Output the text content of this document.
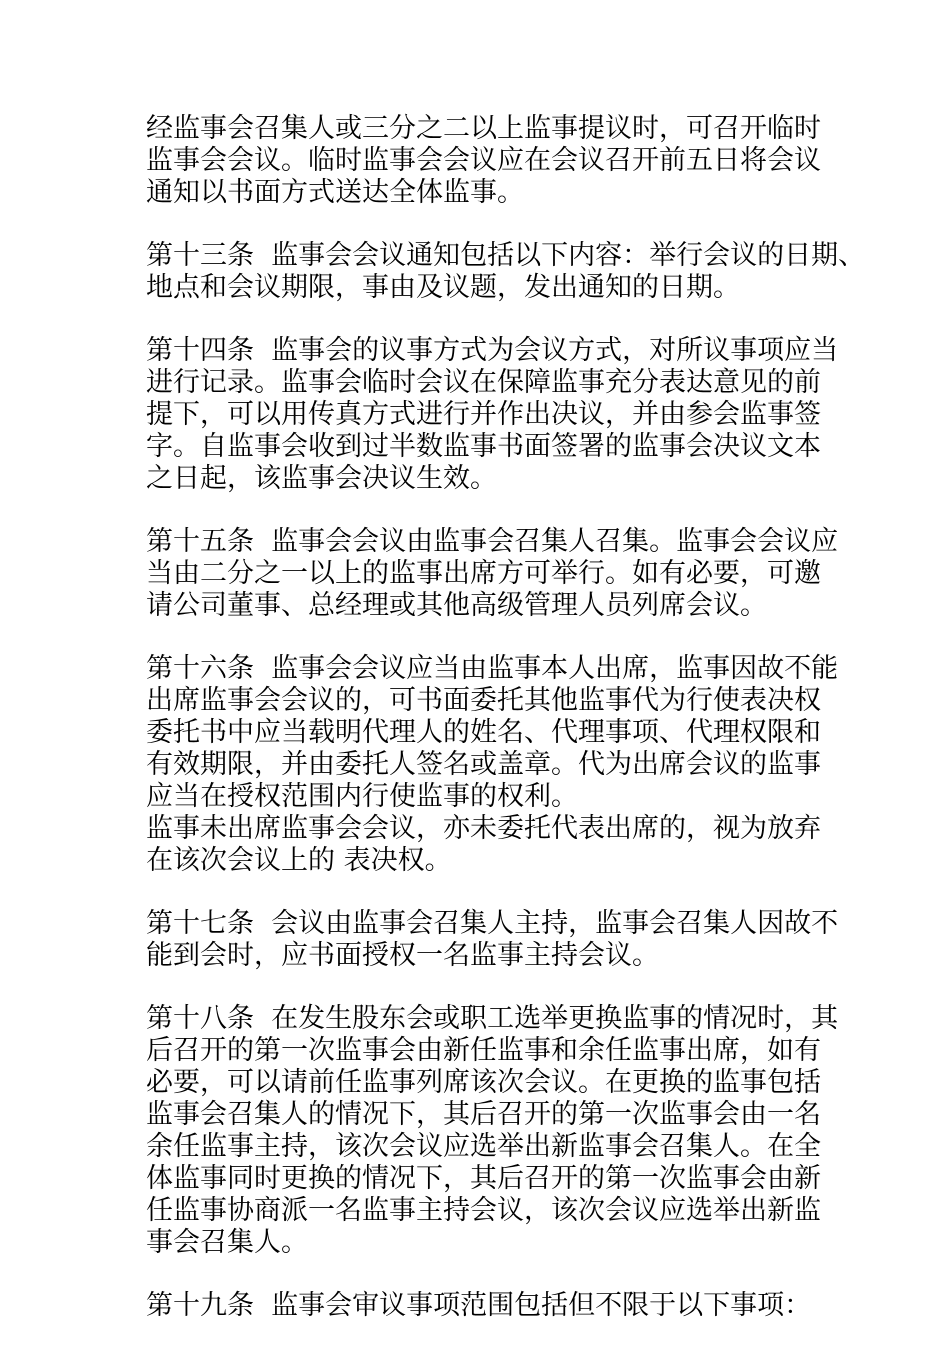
经监事会召集人或三分之二以上监事提议时，可召开临时
监事会会议。临时监事会会议应在会议召开前五日将会议
通知以书面方式送达全体监事。

第十三条  监事会会议通知包括以下内容：举行会议的日期、
地点和会议期限，事由及议题，发出通知的日期。

第十四条  监事会的议事方式为会议方式，对所议事项应当
进行记录。监事会临时会议在保障监事充分表达意见的前
提下，可以用传真方式进行并作出决议，并由参会监事签
字。自监事会收到过半数监事书面签署的监事会决议文本
之日起，该监事会决议生效。

第十五条  监事会会议由监事会召集人召集。监事会会议应
当由二分之一以上的监事出席方可举行。如有必要，可邀
请公司董事、总经理或其他高级管理人员列席会议。

第十六条  监事会会议应当由监事本人出席，监事因故不能
出席监事会会议的，可书面委托其他监事代为行使表决权
委托书中应当载明代理人的姓名、代理事项、代理权限和
有效期限，并由委托人签名或盖章。代为出席会议的监事
应当在授权范围内行使监事的权利。
监事未出席监事会会议，亦未委托代表出席的，视为放弃
在该次会议上的 表决权。

第十七条  会议由监事会召集人主持，监事会召集人因故不
能到会时，应书面授权一名监事主持会议。

第十八条  在发生股东会或职工选举更换监事的情况时，其
后召开的第一次监事会由新任监事和余任监事出席，如有
必要，可以请前任监事列席该次会议。在更换的监事包括
监事会召集人的情况下，其后召开的第一次监事会由一名
余任监事主持，该次会议应选举出新监事会召集人。在全
体监事同时更换的情况下，其后召开的第一次监事会由新
任监事协商派一名监事主持会议，该次会议应选举出新监
事会召集人。

第十九条  监事会审议事项范围包括但不限于以下事项：
